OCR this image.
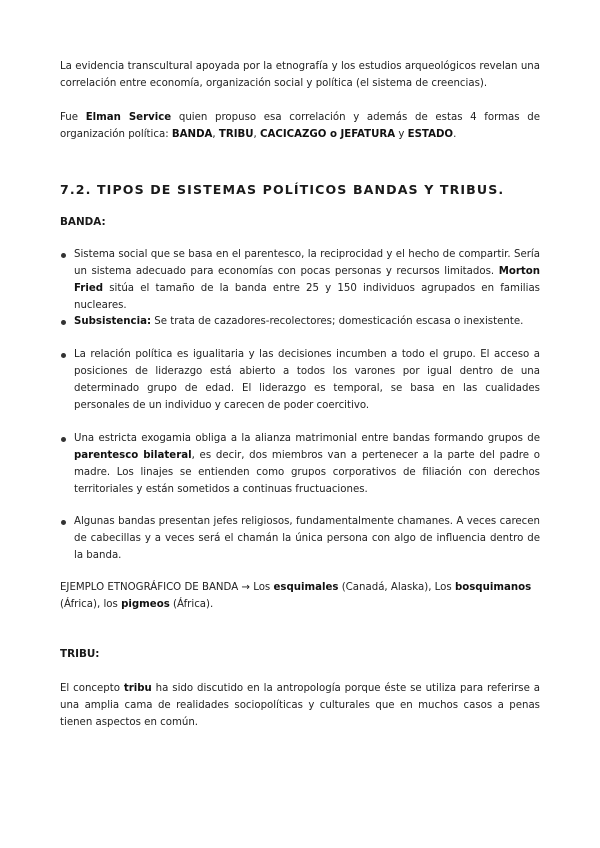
La evidencia transcultural apoyada por la etnografía y los estudios arqueológicos revelan una correlación entre economía, organización social y política (el sistema de creencias).

Fue Elman Service quien propuso esa correlación y además de estas 4 formas de organización política: BANDA, TRIBU, CACICAZGO o JEFATURA y ESTADO.

7.2. TIPOS DE SISTEMAS POLÍTICOS BANDAS Y TRIBUS.
BANDA:

Sistema social que se basa en el parentesco, la reciprocidad y el hecho de compartir. Sería un sistema adecuado para economías con pocas personas y recursos limitados. Morton Fried sitúa el tamaño de la banda entre 25 y 150 individuos agrupados en familias nucleares.

Subsistencia: Se trata de cazadores-recolectores; domesticación escasa o inexistente.

La relación política es igualitaria y las decisiones incumben a todo el grupo. El acceso a posiciones de liderazgo está abierto a todos los varones por igual dentro de una determinado grupo de edad. El liderazgo es temporal, se basa en las cualidades personales de un individuo y carecen de poder coercitivo.

Una estricta exogamia obliga a la alianza matrimonial entre bandas formando grupos de parentesco bilateral, es decir, dos miembros van a pertenecer a la parte del padre o madre. Los linajes se entienden como grupos corporativos de filiación con derechos territoriales y están sometidos a continuas fructuaciones.

Algunas bandas presentan jefes religiosos, fundamentalmente chamanes. A veces carecen de cabecillas y a veces será el chamán la única persona con algo de influencia dentro de la banda.

EJEMPLO ETNOGRÁFICO DE BANDA → Los esquimales (Canadá, Alaska), Los bosquimanos (África), los pigmeos (África).

TRIBU:

El concepto tribu ha sido discutido en la antropología porque éste se utiliza para referirse a una amplia cama de realidades sociopolíticas y culturales que en muchos casos a penas tienen aspectos en común.
